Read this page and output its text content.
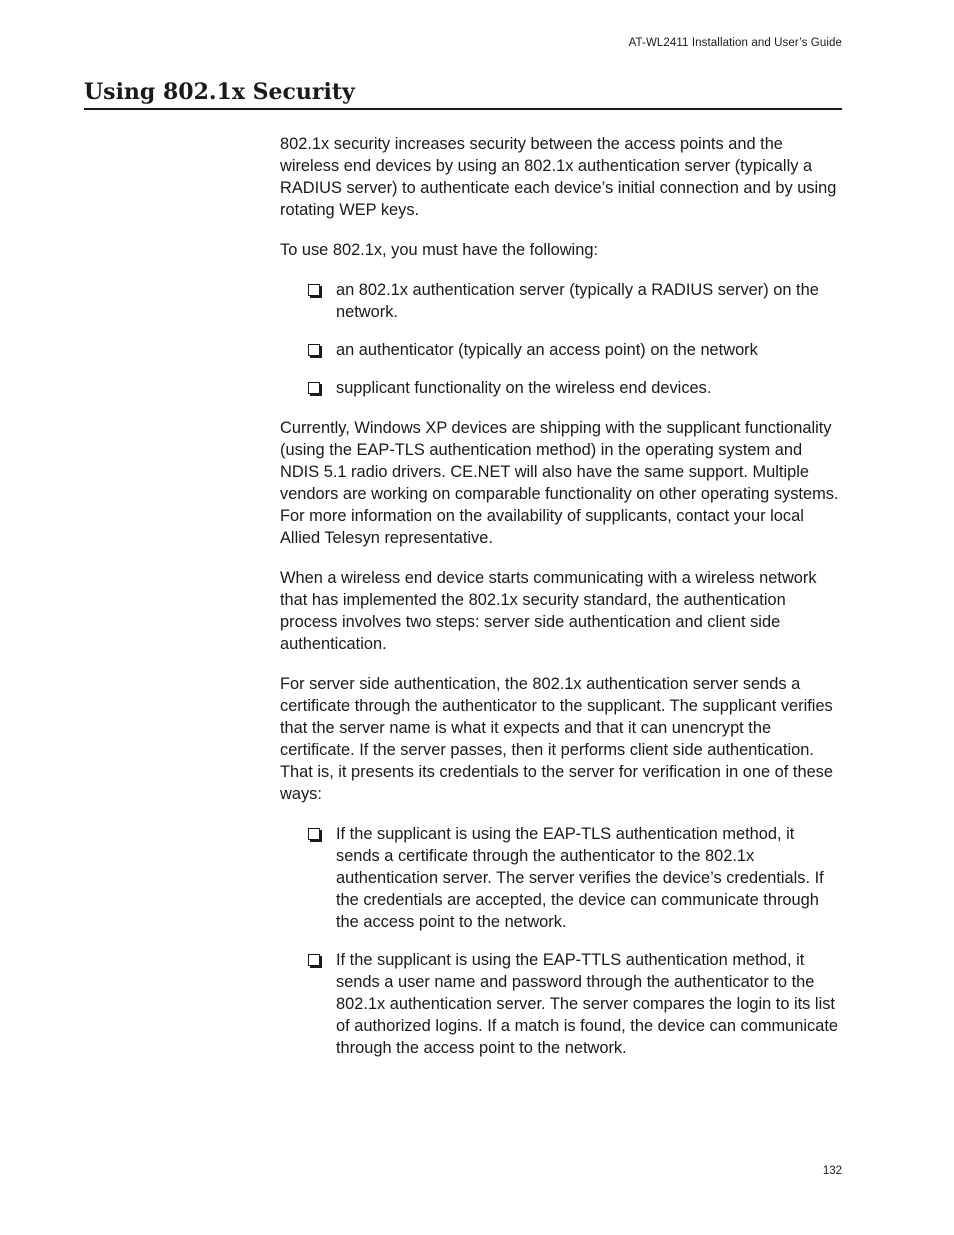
AT-WL2411 Installation and User’s Guide
Using 802.1x Security

802.1x security increases security between the access points and the wireless end devices by using an 802.1x authentication server (typically a RADIUS server) to authenticate each device’s initial connection and by using rotating WEP keys.

To use 802.1x, you must have the following:

an 802.1x authentication server (typically a RADIUS server) on the network.
an authenticator (typically an access point) on the network
supplicant functionality on the wireless end devices.

Currently, Windows XP devices are shipping with the supplicant functionality (using the EAP-TLS authentication method) in the operating system and NDIS 5.1 radio drivers. CE.NET will also have the same support. Multiple vendors are working on comparable functionality on other operating systems. For more information on the availability of supplicants, contact your local Allied Telesyn representative.

When a wireless end device starts communicating with a wireless network that has implemented the 802.1x security standard, the authentication process involves two steps: server side authentication and client side authentication.

For server side authentication, the 802.1x authentication server sends a certificate through the authenticator to the supplicant. The supplicant verifies that the server name is what it expects and that it can unencrypt the certificate. If the server passes, then it performs client side authentication. That is, it presents its credentials to the server for verification in one of these ways:

If the supplicant is using the EAP-TLS authentication method, it sends a certificate through the authenticator to the 802.1x authentication server. The server verifies the device’s credentials. If the credentials are accepted, the device can communicate through the access point to the network.
If the supplicant is using the EAP-TTLS authentication method, it sends a user name and password through the authenticator to the 802.1x authentication server. The server compares the login to its list of authorized logins. If a match is found, the device can communicate through the access point to the network.
132
